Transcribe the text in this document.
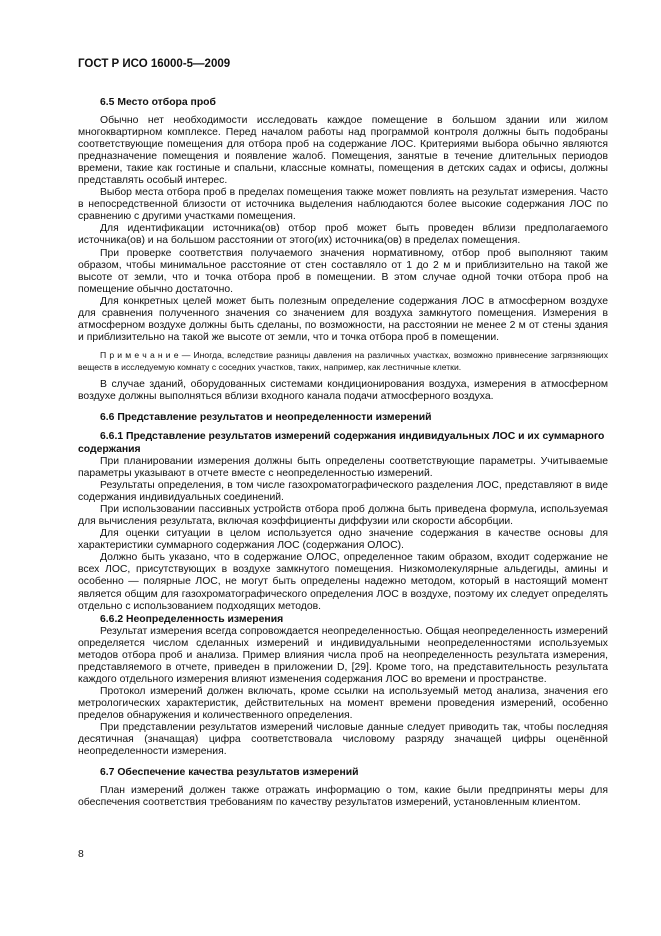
ГОСТ Р ИСО 16000-5—2009
6.5 Место отбора проб

Обычно нет необходимости исследовать каждое помещение в большом здании или жилом многоквартирном комплексе. Перед началом работы над программой контроля должны быть подобраны соответствующие помещения для отбора проб на содержание ЛОС. Критериями выбора обычно являются предназначение помещения и появление жалоб. Помещения, занятые в течение длительных периодов времени, такие как гостиные и спальни, классные комнаты, помещения в детских садах и офисы, должны представлять особый интерес.

Выбор места отбора проб в пределах помещения также может повлиять на результат измерения. Часто в непосредственной близости от источника выделения наблюдаются более высокие содержания ЛОС по сравнению с другими участками помещения.

Для идентификации источника(ов) отбор проб может быть проведен вблизи предполагаемого источника(ов) и на большом расстоянии от этого(их) источника(ов) в пределах помещения.

При проверке соответствия получаемого значения нормативному, отбор проб выполняют таким образом, чтобы минимальное расстояние от стен составляло от 1 до 2 м и приблизительно на такой же высоте от земли, что и точка отбора проб в помещении. В этом случае одной точки отбора проб на помещение обычно достаточно.

Для конкретных целей может быть полезным определение содержания ЛОС в атмосферном воздухе для сравнения полученного значения со значением для воздуха замкнутого помещения. Измерения в атмосферном воздухе должны быть сделаны, по возможности, на расстоянии не менее 2 м от стены здания и приблизительно на такой же высоте от земли, что и точка отбора проб в помещении.

П р и м е ч а н и е — Иногда, вследствие разницы давления на различных участках, возможно привнесение загрязняющих веществ в исследуемую комнату с соседних участков, таких, например, как лестничные клетки.

В случае зданий, оборудованных системами кондиционирования воздуха, измерения в атмосферном воздухе должны выполняться вблизи входного канала подачи атмосферного воздуха.

6.6 Представление результатов и неопределенности измерений
6.6.1 Представление результатов измерений содержания индивидуальных ЛОС и их суммарного содержания

При планировании измерения должны быть определены соответствующие параметры. Учитываемые параметры указывают в отчете вместе с неопределенностью измерений.

Результаты определения, в том числе газохроматографического разделения ЛОС, представляют в виде содержания индивидуальных соединений.

При использовании пассивных устройств отбора проб должна быть приведена формула, используемая для вычисления результата, включая коэффициенты диффузии или скорости абсорбции.

Для оценки ситуации в целом используется одно значение содержания в качестве основы для характеристики суммарного содержания ЛОС (содержания ОЛОС).

Должно быть указано, что в содержание ОЛОС, определенное таким образом, входит содержание не всех ЛОС, присутствующих в воздухе замкнутого помещения. Низкомолекулярные альдегиды, амины и особенно — полярные ЛОС, не могут быть определены надежно методом, который в настоящий момент является общим для газохроматографического определения ЛОС в воздухе, поэтому их следует определять отдельно с использованием подходящих методов.

6.6.2 Неопределенность измерения

Результат измерения всегда сопровождается неопределенностью. Общая неопределенность измерений определяется числом сделанных измерений и индивидуальными неопределенностями используемых методов отбора проб и анализа. Пример влияния числа проб на неопределенность результата измерения, представляемого в отчете, приведен в приложении D, [29]. Кроме того, на представительность результата каждого отдельного измерения влияют изменения содержания ЛОС во времени и пространстве.

Протокол измерений должен включать, кроме ссылки на используемый метод анализа, значения его метрологических характеристик, действительных на момент времени проведения измерений, особенно пределов обнаружения и количественного определения.

При представлении результатов измерений числовые данные следует приводить так, чтобы последняя десятичная (значащая) цифра соответствовала числовому разряду значащей цифры оценённой неопределенности измерения.

6.7 Обеспечение качества результатов измерений

План измерений должен также отражать информацию о том, какие были предприняты меры для обеспечения соответствия требованиям по качеству результатов измерений, установленным клиентом.

8
